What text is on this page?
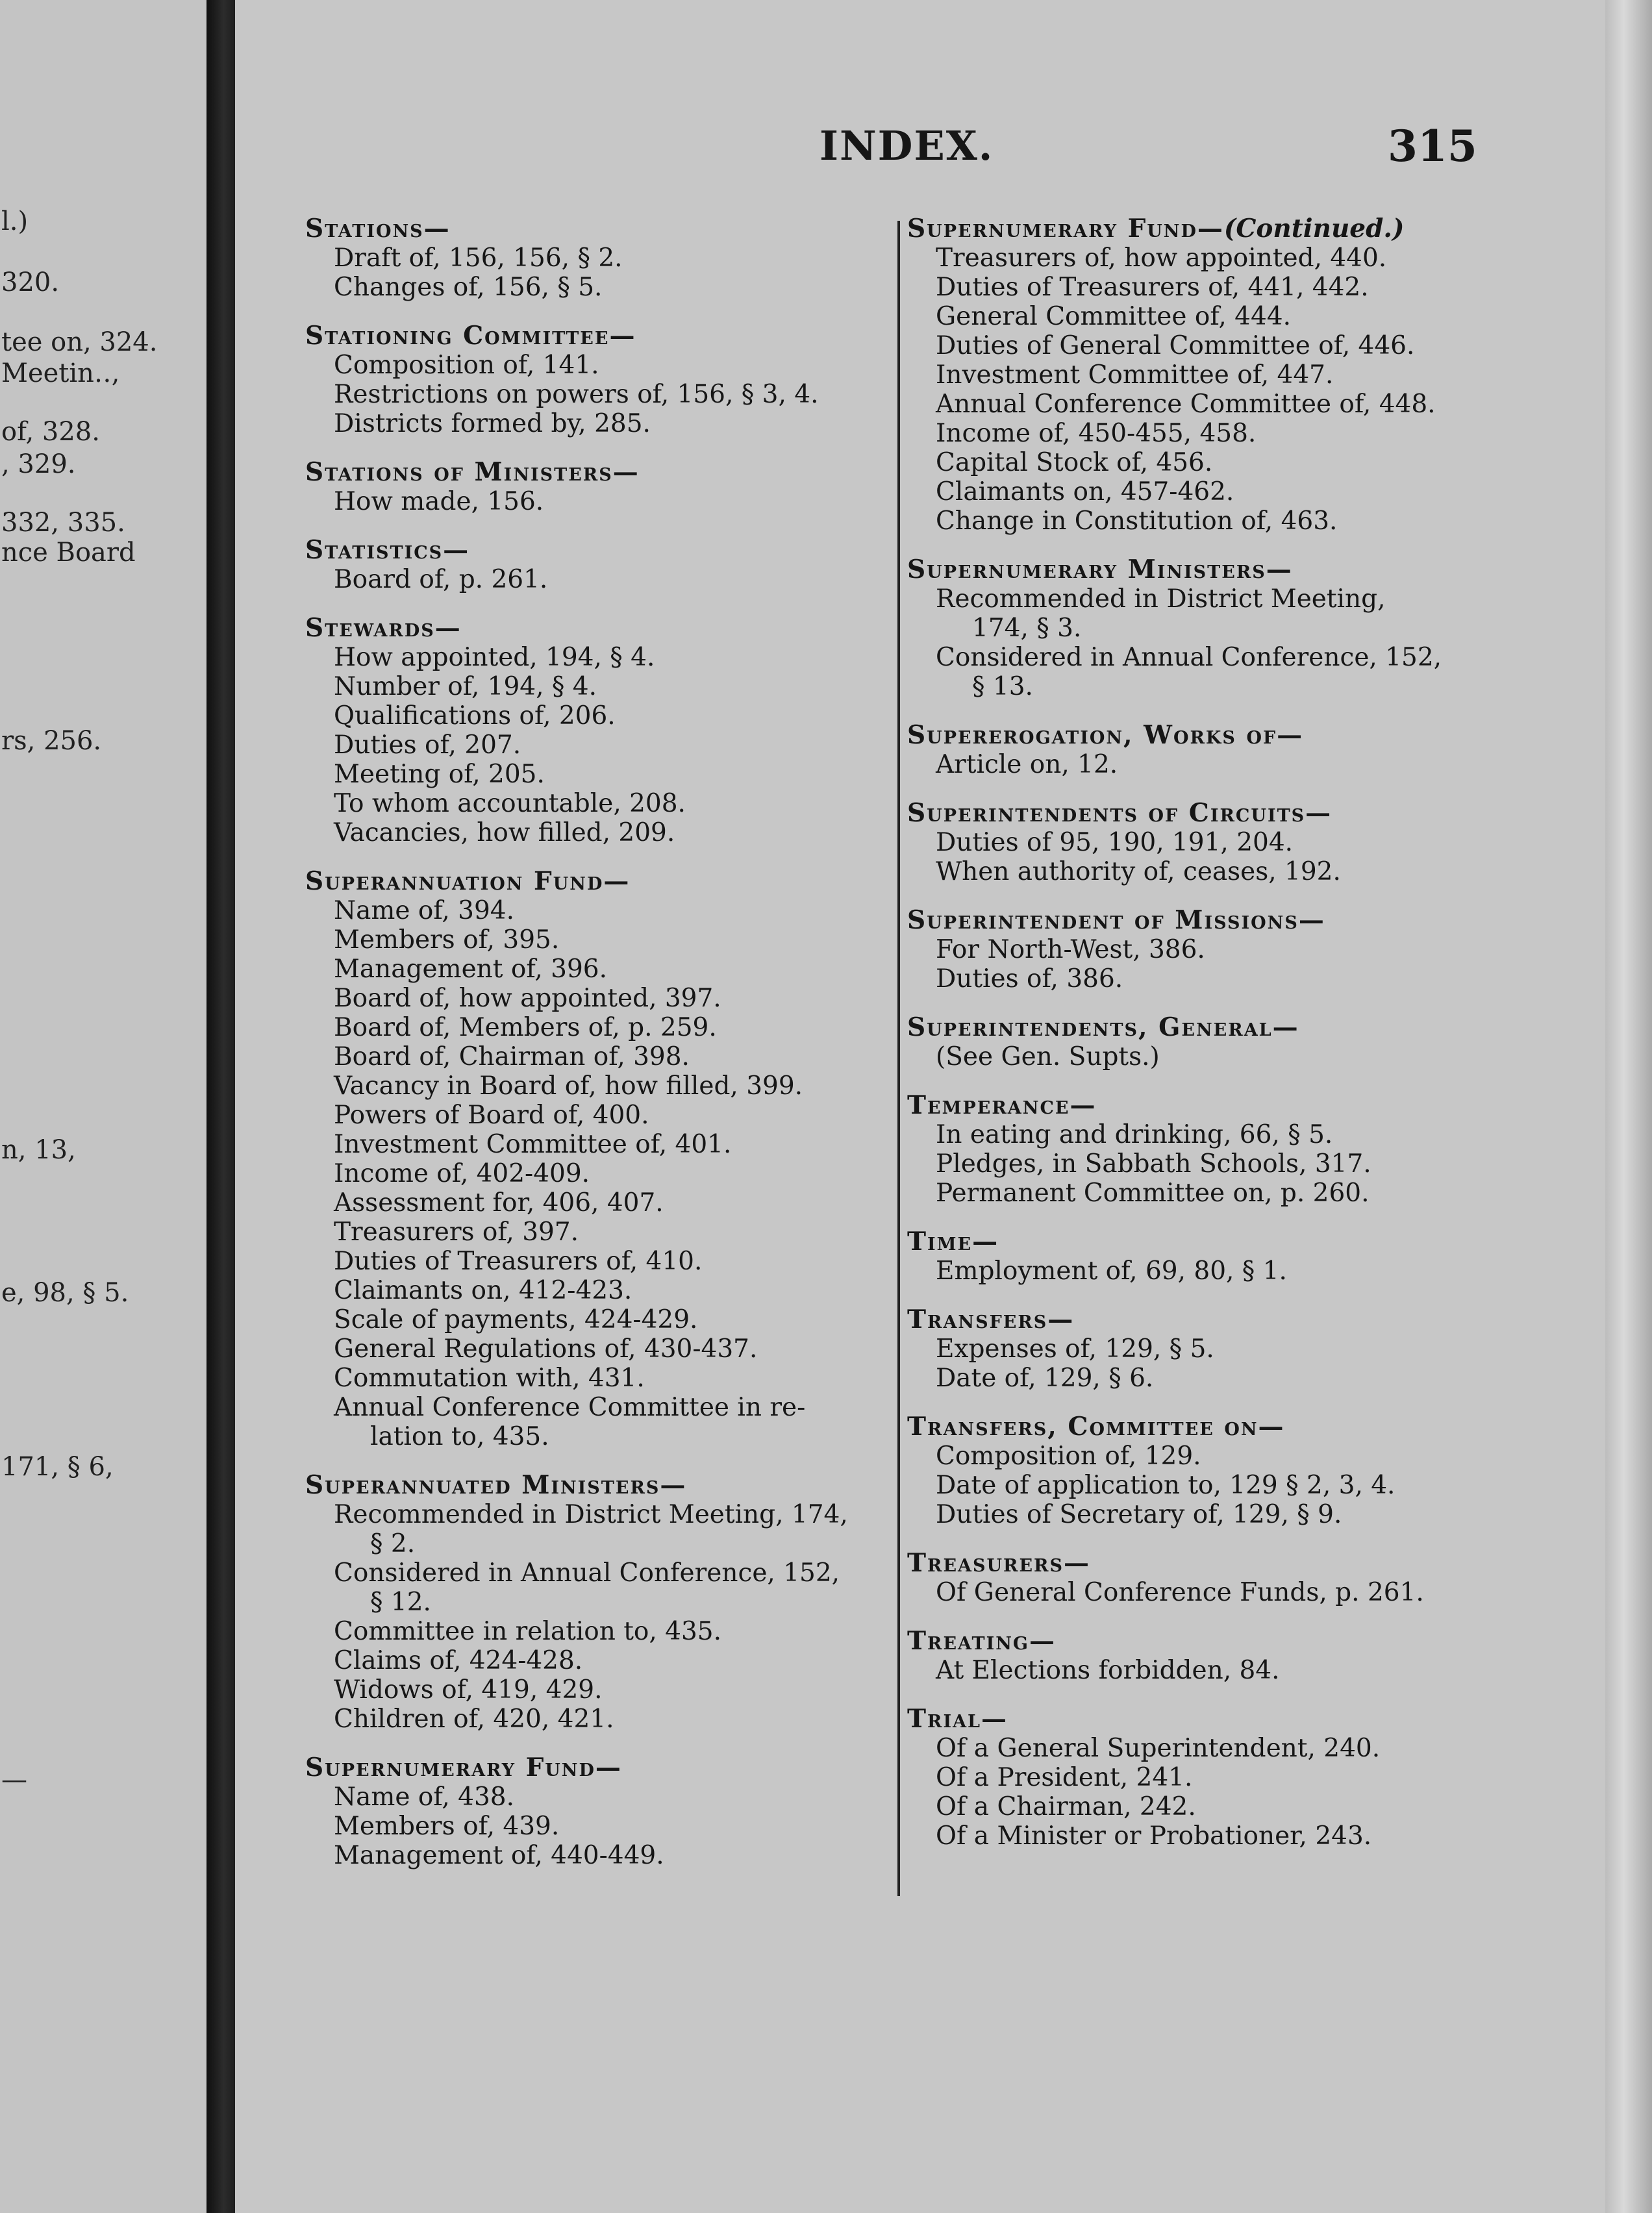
l.)
320.
tee on, 324.
Meetin‥,
of, 328.
, 329.
332, 335.
nce Board
rs, 256.
n, 13,
e, 98, § 5.
171, § 6,
—
INDEX.	315
Stations—
Draft of, 156, 156, § 2.
Changes of, 156, § 5.
Stationing Committee—
Composition of, 141.
Restrictions on powers of, 156, § 3, 4.
Districts formed by, 285.
Stations of Ministers—
How made, 156.
Statistics—
Board of, p. 261.
Stewards—
How appointed, 194, § 4.
Number of, 194, § 4.
Qualifications of, 206.
Duties of, 207.
Meeting of, 205.
To whom accountable, 208.
Vacancies, how filled, 209.
Superannuation Fund—
Name of, 394.
Members of, 395.
Management of, 396.
Board of, how appointed, 397.
Board of, Members of, p. 259.
Board of, Chairman of, 398.
Vacancy in Board of, how filled, 399.
Powers of Board of, 400.
Investment Committee of, 401.
Income of, 402-409.
Assessment for, 406, 407.
Treasurers of, 397.
Duties of Treasurers of, 410.
Claimants on, 412-423.
Scale of payments, 424-429.
General Regulations of, 430-437.
Commutation with, 431.
Annual Conference Committee in re-
lation to, 435.
Superannuated Ministers—
Recommended in District Meeting, 174,
§ 2.
Considered in Annual Conference, 152,
§ 12.
Committee in relation to, 435.
Claims of, 424-428.
Widows of, 419, 429.
Children of, 420, 421.
Supernumerary Fund—
Name of, 438.
Members of, 439.
Management of, 440-449.
Supernumerary Fund—(Continued.)
Treasurers of, how appointed, 440.
Duties of Treasurers of, 441, 442.
General Committee of, 444.
Duties of General Committee of, 446.
Investment Committee of, 447.
Annual Conference Committee of, 448.
Income of, 450-455, 458.
Capital Stock of, 456.
Claimants on, 457-462.
Change in Constitution of, 463.
Supernumerary Ministers—
Recommended in District Meeting,
174, § 3.
Considered in Annual Conference, 152,
§ 13.
Supererogation, Works of—
Article on, 12.
Superintendents of Circuits—
Duties of 95, 190, 191, 204.
When authority of, ceases, 192.
Superintendent of Missions—
For North-West, 386.
Duties of, 386.
Superintendents, General—
(See Gen. Supts.)
Temperance—
In eating and drinking, 66, § 5.
Pledges, in Sabbath Schools, 317.
Permanent Committee on, p. 260.
Time—
Employment of, 69, 80, § 1.
Transfers—
Expenses of, 129, § 5.
Date of, 129, § 6.
Transfers, Committee on—
Composition of, 129.
Date of application to, 129 § 2, 3, 4.
Duties of Secretary of, 129, § 9.
Treasurers—
Of General Conference Funds, p. 261.
Treating—
At Elections forbidden, 84.
Trial—
Of a General Superintendent, 240.
Of a President, 241.
Of a Chairman, 242.
Of a Minister or Probationer, 243.
